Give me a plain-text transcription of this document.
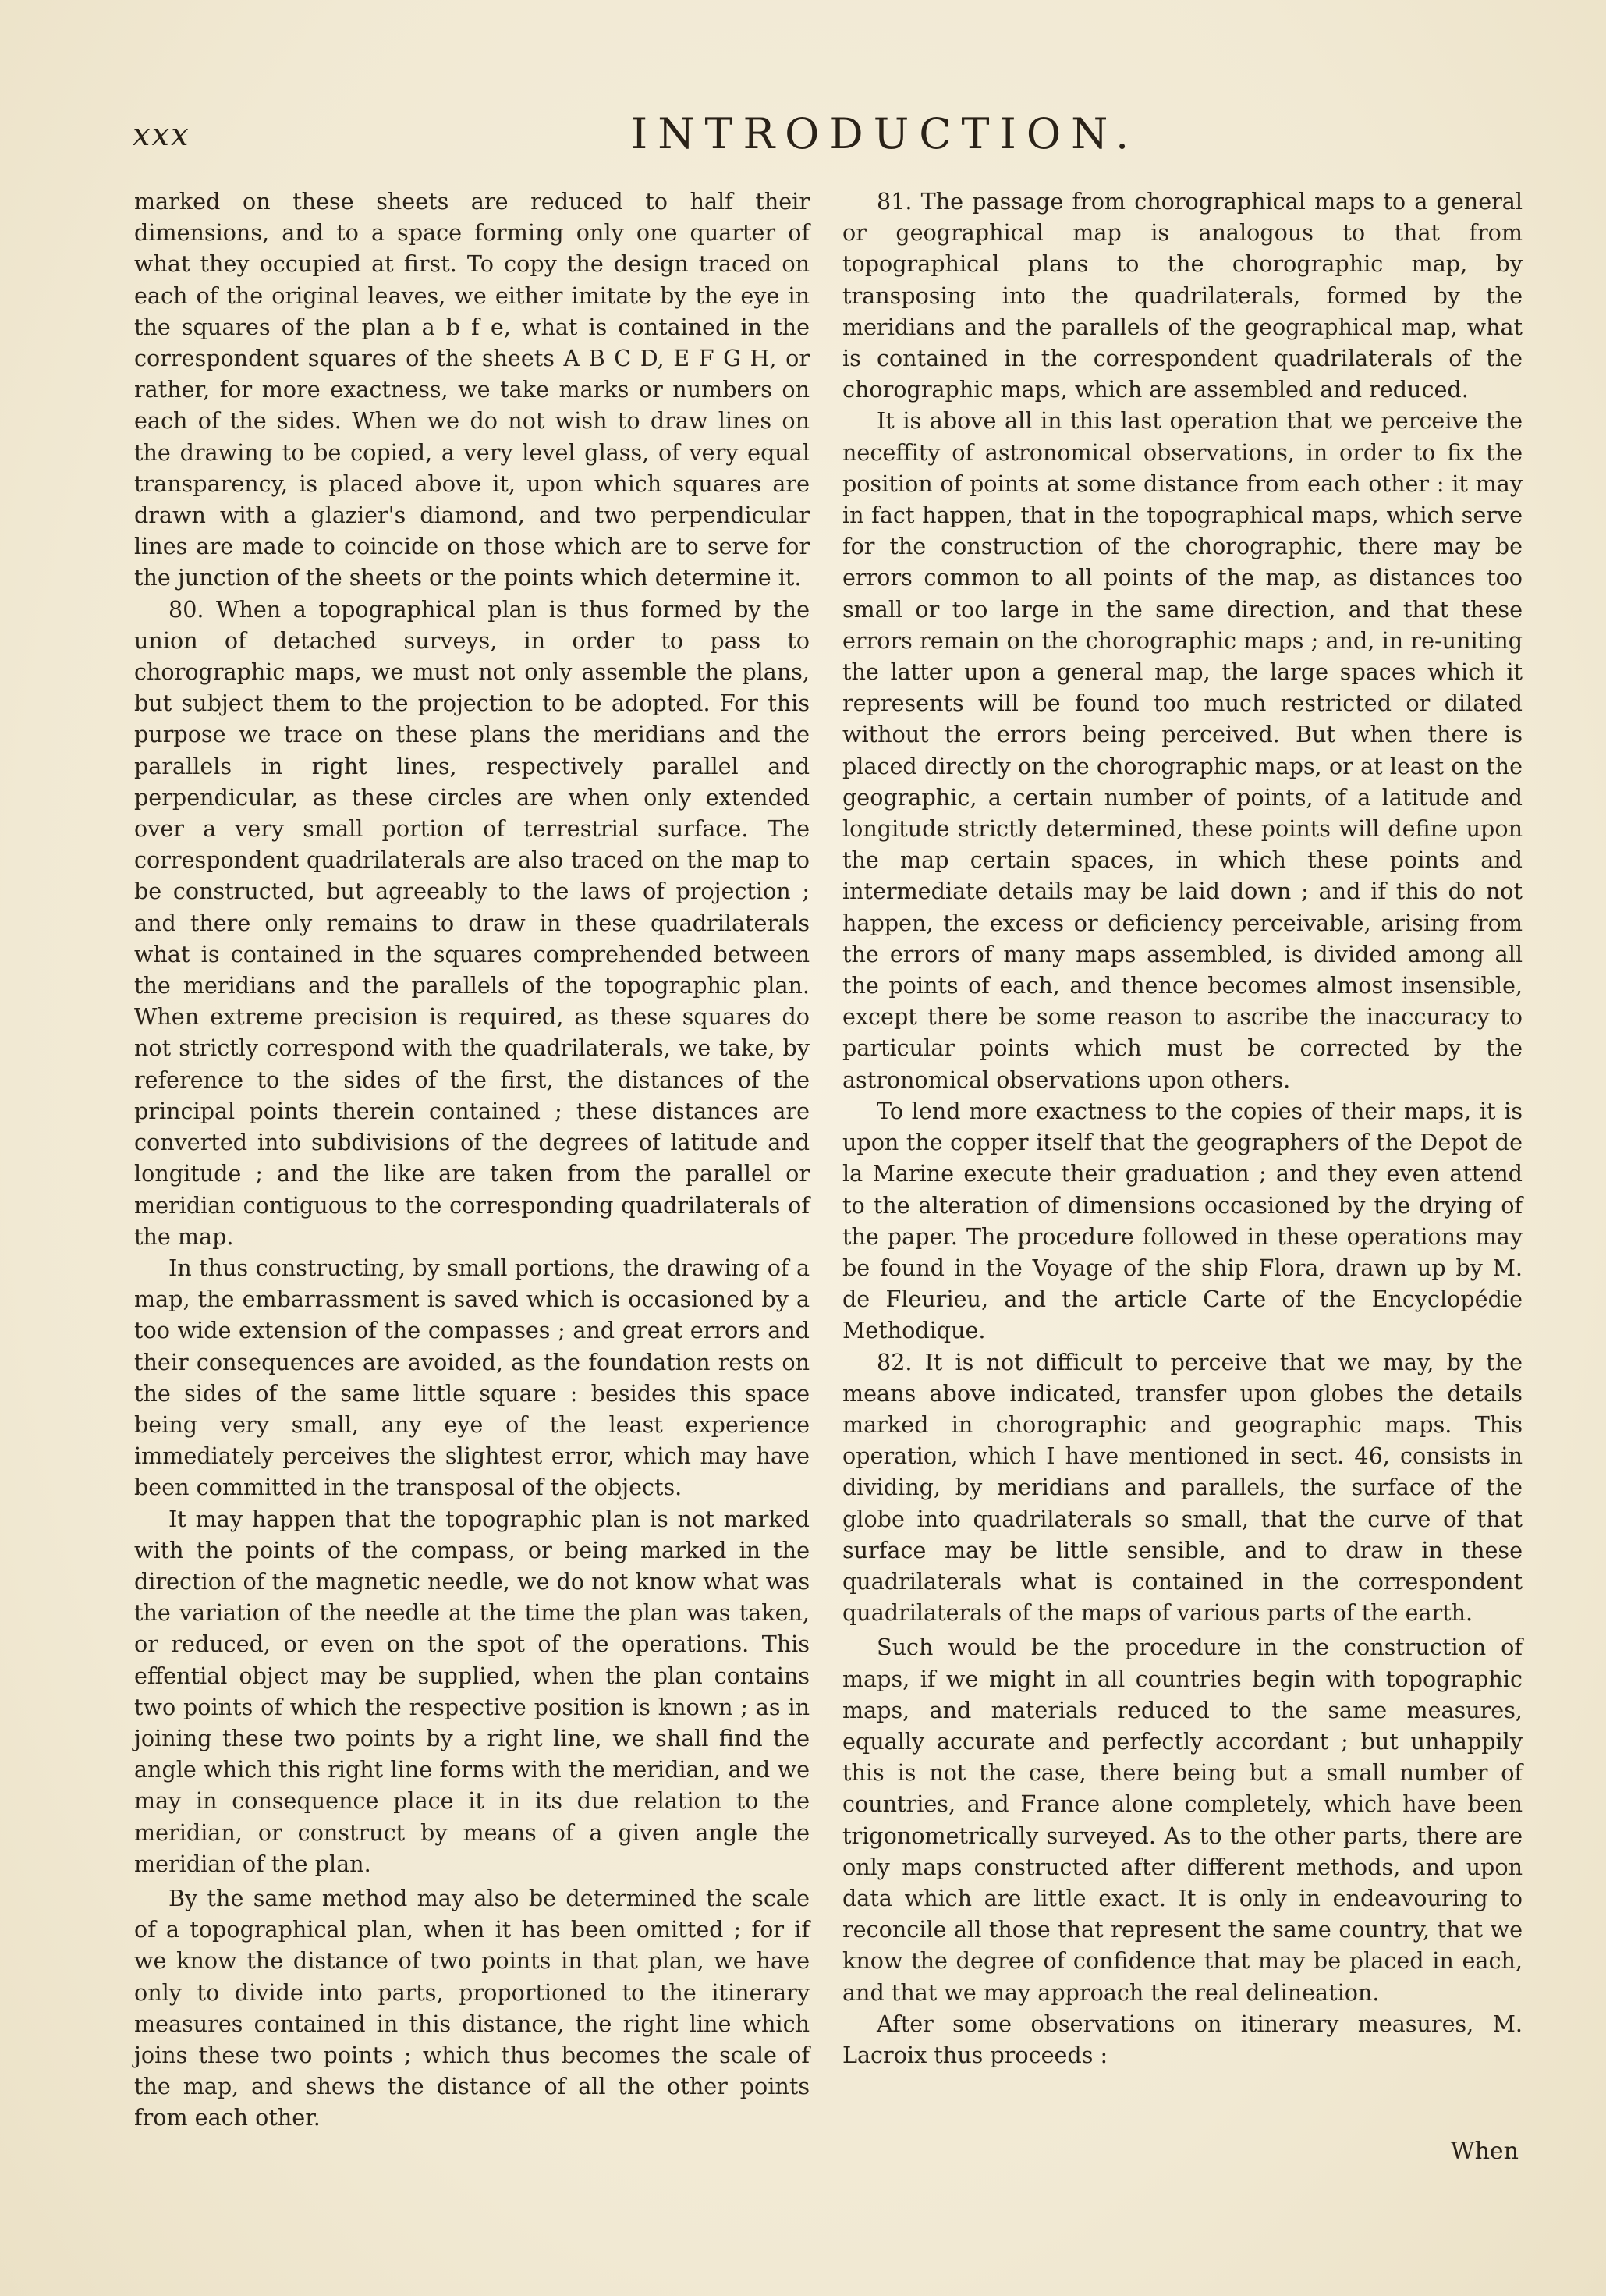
xxx	INTRODUCTION.

marked on these sheets are reduced to half their dimensions, and to a space forming only one quarter of what they occupied at first. To copy the design traced on each of the original leaves, we either imitate by the eye in the squares of the plan a b f e, what is contained in the correspondent squares of the sheets A B C D, E F G H, or rather, for more exactness, we take marks or numbers on each of the sides. When we do not wish to draw lines on the drawing to be copied, a very level glass, of very equal transparency, is placed above it, upon which squares are drawn with a glazier's diamond, and two perpendicular lines are made to coincide on those which are to serve for the junction of the sheets or the points which determine it.

80. When a topographical plan is thus formed by the union of detached surveys, in order to pass to chorographic maps, we must not only assemble the plans, but subject them to the projection to be adopted. For this purpose we trace on these plans the meridians and the parallels in right lines, respectively parallel and perpendicular, as these circles are when only extended over a very small portion of terrestrial surface. The correspondent quadrilaterals are also traced on the map to be constructed, but agreeably to the laws of projection ; and there only remains to draw in these quadrilaterals what is contained in the squares comprehended between the meridians and the parallels of the topographic plan. When extreme precision is required, as these squares do not strictly correspond with the quadrilaterals, we take, by reference to the sides of the first, the distances of the principal points therein contained ; these distances are converted into subdivisions of the degrees of latitude and longitude ; and the like are taken from the parallel or meridian contiguous to the corresponding quadrilaterals of the map.

In thus constructing, by small portions, the drawing of a map, the embarrassment is saved which is occasioned by a too wide extension of the compasses ; and great errors and their consequences are avoided, as the foundation rests on the sides of the same little square : besides this space being very small, any eye of the least experience immediately perceives the slightest error, which may have been committed in the transposal of the objects.

It may happen that the topographic plan is not marked with the points of the compass, or being marked in the direction of the magnetic needle, we do not know what was the variation of the needle at the time the plan was taken, or reduced, or even on the spot of the operations. This effential object may be supplied, when the plan contains two points of which the respective position is known ; as in joining these two points by a right line, we shall find the angle which this right line forms with the meridian, and we may in consequence place it in its due relation to the meridian, or construct by means of a given angle the meridian of the plan.

By the same method may also be determined the scale of a topographical plan, when it has been omitted ; for if we know the distance of two points in that plan, we have only to divide into parts, proportioned to the itinerary measures contained in this distance, the right line which joins these two points ; which thus becomes the scale of the map, and shews the distance of all the other points from each other.

81. The passage from chorographical maps to a general or geographical map is analogous to that from topographical plans to the chorographic map, by transposing into the quadrilaterals, formed by the meridians and the parallels of the geographical map, what is contained in the correspondent quadrilaterals of the chorographic maps, which are assembled and reduced.

It is above all in this last operation that we perceive the neceffity of astronomical observations, in order to fix the position of points at some distance from each other : it may in fact happen, that in the topographical maps, which serve for the construction of the chorographic, there may be errors common to all points of the map, as distances too small or too large in the same direction, and that these errors remain on the chorographic maps ; and, in re-uniting the latter upon a general map, the large spaces which it represents will be found too much restricted or dilated without the errors being perceived. But when there is placed directly on the chorographic maps, or at least on the geographic, a certain number of points, of a latitude and longitude strictly determined, these points will define upon the map certain spaces, in which these points and intermediate details may be laid down ; and if this do not happen, the excess or deficiency perceivable, arising from the errors of many maps assembled, is divided among all the points of each, and thence becomes almost insensible, except there be some reason to ascribe the inaccuracy to particular points which must be corrected by the astronomical observations upon others.

To lend more exactness to the copies of their maps, it is upon the copper itself that the geographers of the Depot de la Marine execute their graduation ; and they even attend to the alteration of dimensions occasioned by the drying of the paper. The procedure followed in these operations may be found in the Voyage of the ship Flora, drawn up by M. de Fleurieu, and the article Carte of the Encyclopédie Methodique.

82. It is not difficult to perceive that we may, by the means above indicated, transfer upon globes the details marked in chorographic and geographic maps. This operation, which I have mentioned in sect. 46, consists in dividing, by meridians and parallels, the surface of the globe into quadrilaterals so small, that the curve of that surface may be little sensible, and to draw in these quadrilaterals what is contained in the correspondent quadrilaterals of the maps of various parts of the earth.

Such would be the procedure in the construction of maps, if we might in all countries begin with topographic maps, and materials reduced to the same measures, equally accurate and perfectly accordant ; but unhappily this is not the case, there being but a small number of countries, and France alone completely, which have been trigonometrically surveyed. As to the other parts, there are only maps constructed after different methods, and upon data which are little exact. It is only in endeavouring to reconcile all those that represent the same country, that we know the degree of confidence that may be placed in each, and that we may approach the real delineation.

After some observations on itinerary measures, M. Lacroix thus proceeds :

When
